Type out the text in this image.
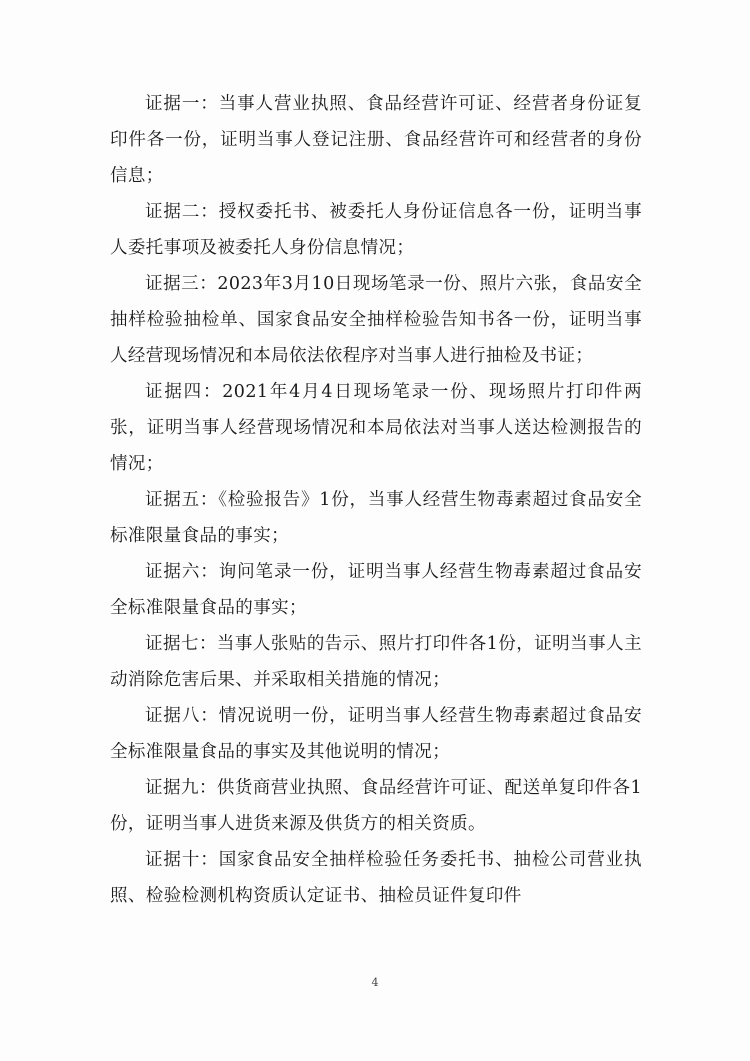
证据一：当事人营业执照、食品经营许可证、经营者身份证复印件各一份，证明当事人登记注册、食品经营许可和经营者的身份信息；

证据二：授权委托书、被委托人身份证信息各一份，证明当事人委托事项及被委托人身份信息情况；

证据三：2023年3月10日现场笔录一份、照片六张，食品安全抽样检验抽检单、国家食品安全抽样检验告知书各一份，证明当事人经营现场情况和本局依法依程序对当事人进行抽检及书证；

证据四：2021年4月4日现场笔录一份、现场照片打印件两张，证明当事人经营现场情况和本局依法对当事人送达检测报告的情况；

证据五：《检验报告》1份，当事人经营生物毒素超过食品安全标准限量食品的事实；

证据六：询问笔录一份，证明当事人经营生物毒素超过食品安全标准限量食品的事实；

证据七：当事人张贴的告示、照片打印件各1份，证明当事人主动消除危害后果、并采取相关措施的情况；

证据八：情况说明一份，证明当事人经营生物毒素超过食品安全标准限量食品的事实及其他说明的情况；

证据九：供货商营业执照、食品经营许可证、配送单复印件各1份，证明当事人进货来源及供货方的相关资质。

证据十：国家食品安全抽样检验任务委托书、抽检公司营业执照、检验检测机构资质认定证书、抽检员证件复印件

4
